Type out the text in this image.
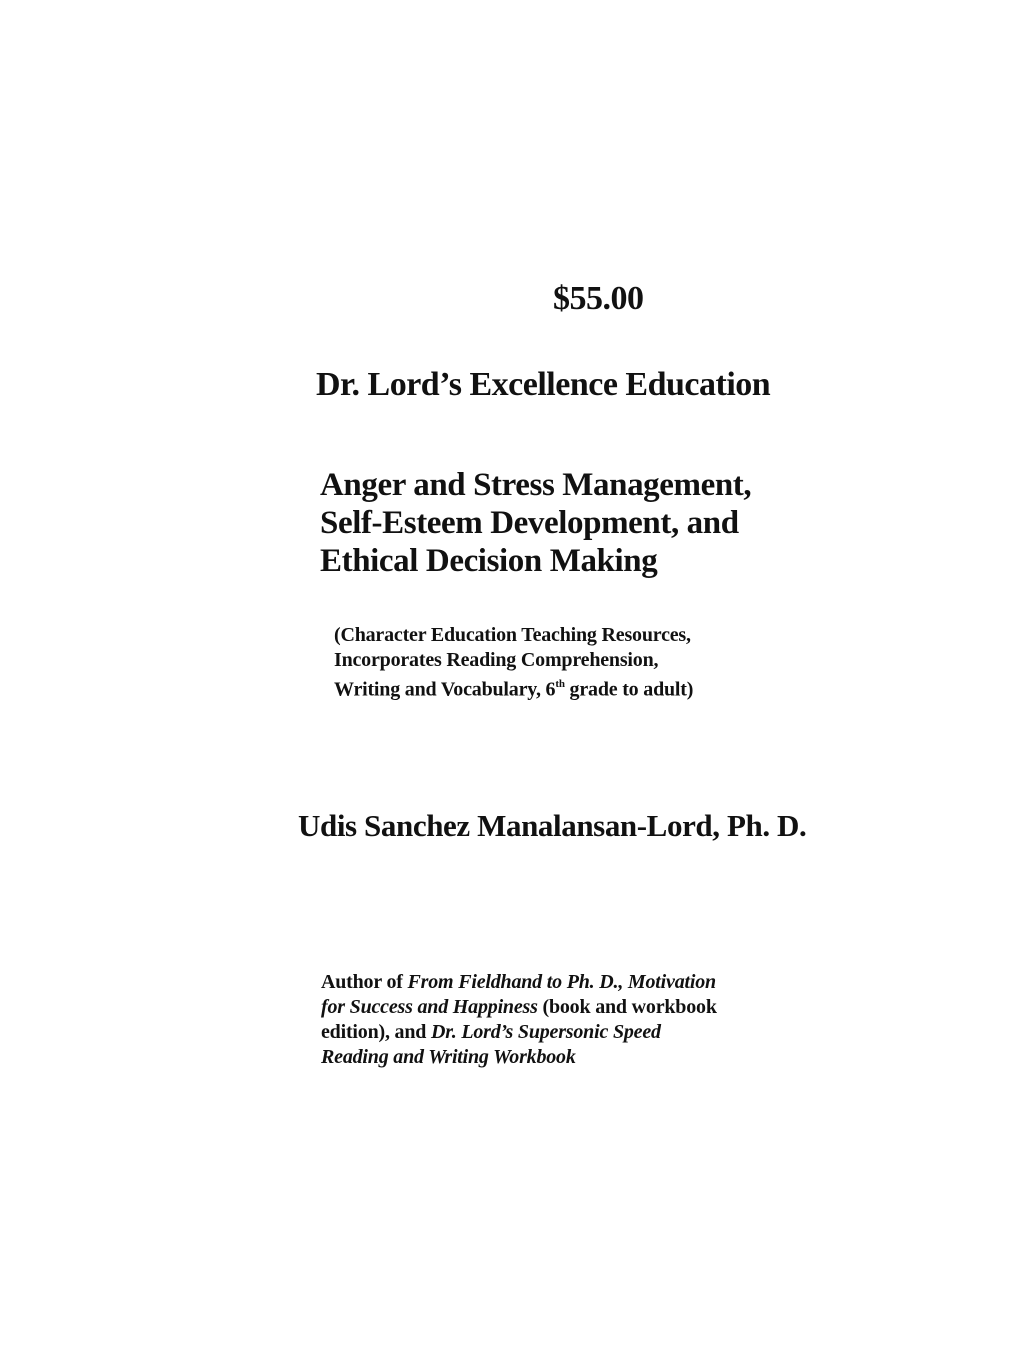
$55.00
Dr. Lord’s Excellence Education
Anger and Stress Management,
Self-Esteem Development, and
Ethical Decision Making
(Character Education Teaching Resources,
Incorporates Reading Comprehension,
Writing and Vocabulary, 6th grade to adult)
Udis Sanchez Manalansan-Lord, Ph. D.
Author of From Fieldhand to Ph. D., Motivation
for Success and Happiness (book and workbook
edition), and Dr. Lord’s Supersonic Speed
Reading and Writing Workbook
